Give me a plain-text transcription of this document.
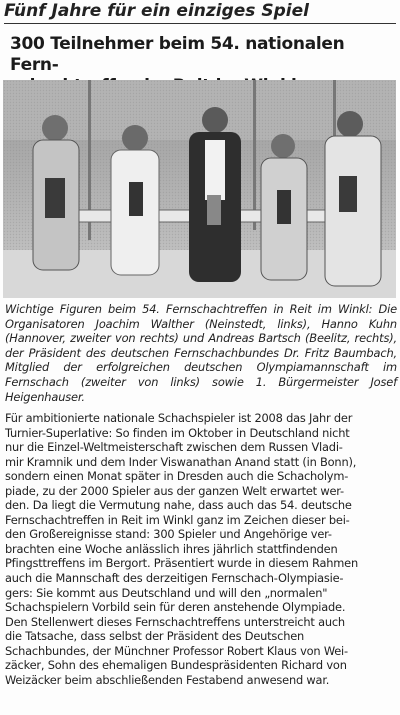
Fünf Jahre für ein einziges Spiel
300 Teilnehmer beim 54. nationalen Fern-
Wichtige Figuren beim 54. Fernschachtreffen in Reit im Winkl: Die Organisatoren Joachim Walther (Neinstedt, links), Hanno Kuhn (Hannover, zweiter von rechts) und Andreas Bartsch (Beelitz, rechts), der Präsident des deutschen Fernschachbundes Dr. Fritz Baumbach, Mitglied der erfolgreichen deutschen Olympiamannschaft im Fernschach (zweiter von links) sowie 1. Bürgermeister Josef Heigenhauser.
Für ambitionierte nationale Schachspieler ist 2008 das Jahr der
Turnier-Superlative: So finden im Oktober in Deutschland nicht
nur die Einzel-Weltmeisterschaft zwischen dem Russen Vladi-
mir Kramnik und dem Inder Viswanathan Anand statt (in Bonn),
sondern einen Monat später in Dresden auch die Schacholym-
piade, zu der 2000 Spieler aus der ganzen Welt erwartet wer-
den. Da liegt die Vermutung nahe, dass auch das 54. deutsche
Fernschachtreffen in Reit im Winkl ganz im Zeichen dieser bei-
den Großereignisse stand: 300 Spieler und Angehörige ver-
brachten eine Woche anlässlich ihres jährlich stattfindenden
Pfingsttreffens im Bergort. Präsentiert wurde in diesem Rahmen
auch die Mannschaft des derzeitigen Fernschach-Olympiasie-
gers: Sie kommt aus Deutschland und will den „normalen"
Schachspielern Vorbild sein für deren anstehende Olympiade.
Den Stellenwert dieses Fernschachtreffens unterstreicht auch
die Tatsache, dass selbst der Präsident des Deutschen
Schachbundes, der Münchner Professor Robert Klaus von Wei-
zäcker, Sohn des ehemaligen Bundespräsidenten Richard von
Weizäcker beim abschließenden Festabend anwesend war.
